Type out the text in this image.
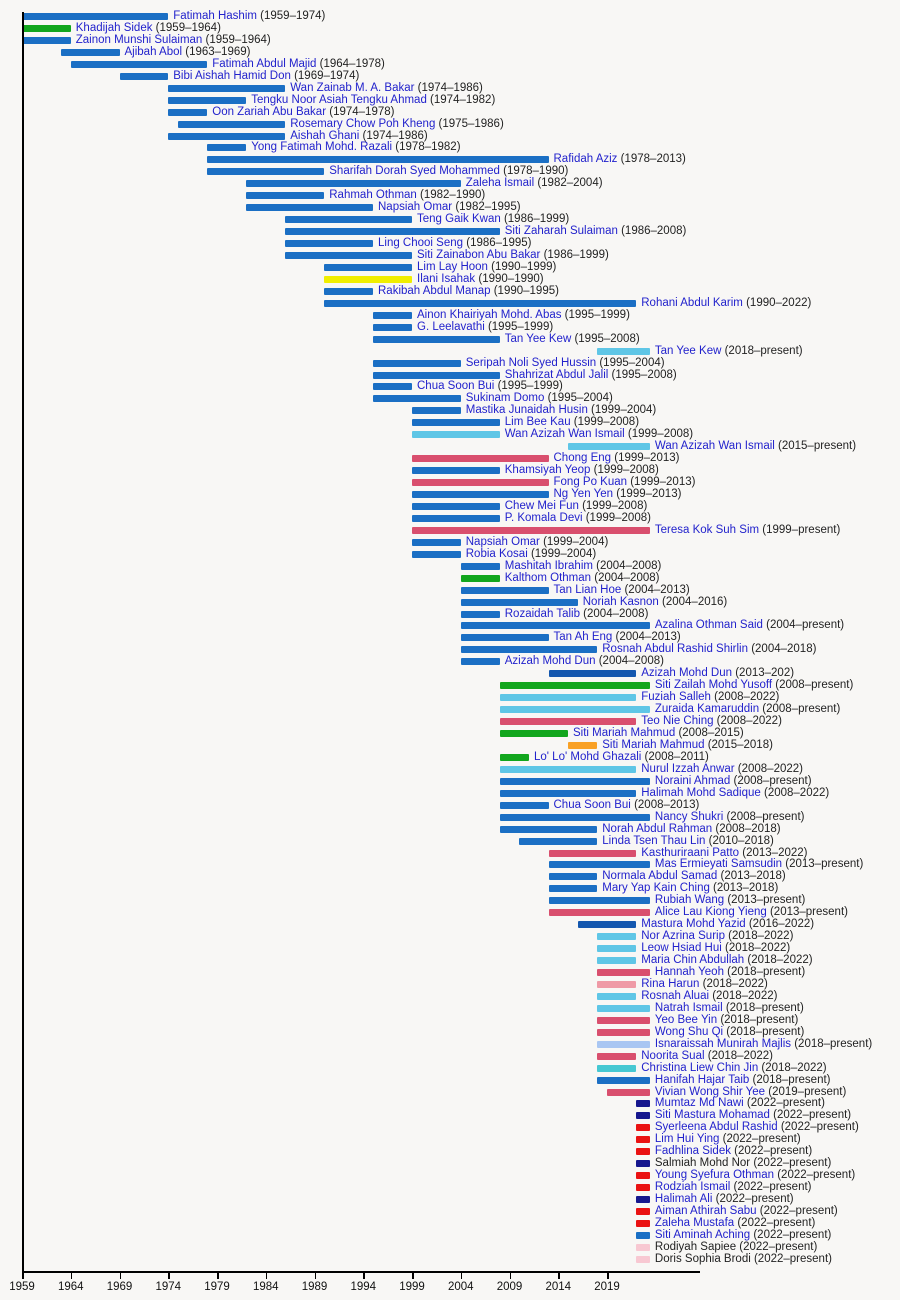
Fatimah Hashim (1959–1974)
Khadijah Sidek (1959–1964)
Zainon Munshi Sulaiman (1959–1964)
Ajibah Abol (1963–1969)
Fatimah Abdul Majid (1964–1978)
Bibi Aishah Hamid Don (1969–1974)
Wan Zainab M. A. Bakar (1974–1986)
Tengku Noor Asiah Tengku Ahmad (1974–1982)
Oon Zariah Abu Bakar (1974–1978)
Rosemary Chow Poh Kheng (1975–1986)
Aishah Ghani (1974–1986)
Yong Fatimah Mohd. Razali (1978–1982)
Rafidah Aziz (1978–2013)
Sharifah Dorah Syed Mohammed (1978–1990)
Zaleha Ismail (1982–2004)
Rahmah Othman (1982–1990)
Napsiah Omar (1982–1995)
Teng Gaik Kwan (1986–1999)
Siti Zaharah Sulaiman (1986–2008)
Ling Chooi Seng (1986–1995)
Siti Zainabon Abu Bakar (1986–1999)
Lim Lay Hoon (1990–1999)
Ilani Isahak (1990–1990)
Rakibah Abdul Manap (1990–1995)
Rohani Abdul Karim (1990–2022)
Ainon Khairiyah Mohd. Abas (1995–1999)
G. Leelavathi (1995–1999)
Tan Yee Kew (1995–2008)
Tan Yee Kew (2018–present)
Seripah Noli Syed Hussin (1995–2004)
Shahrizat Abdul Jalil (1995–2008)
Chua Soon Bui (1995–1999)
Sukinam Domo (1995–2004)
Mastika Junaidah Husin (1999–2004)
Lim Bee Kau (1999–2008)
Wan Azizah Wan Ismail (1999–2008)
Wan Azizah Wan Ismail (2015–present)
Chong Eng (1999–2013)
Khamsiyah Yeop (1999–2008)
Fong Po Kuan (1999–2013)
Ng Yen Yen (1999–2013)
Chew Mei Fun (1999–2008)
P. Komala Devi (1999–2008)
Teresa Kok Suh Sim (1999–present)
Napsiah Omar (1999–2004)
Robia Kosai (1999–2004)
Mashitah Ibrahim (2004–2008)
Kalthom Othman (2004–2008)
Tan Lian Hoe (2004–2013)
Noriah Kasnon (2004–2016)
Rozaidah Talib (2004–2008)
Azalina Othman Said (2004–present)
Tan Ah Eng (2004–2013)
Rosnah Abdul Rashid Shirlin (2004–2018)
Azizah Mohd Dun (2004–2008)
Azizah Mohd Dun (2013–202)
Siti Zailah Mohd Yusoff (2008–present)
Fuziah Salleh (2008–2022)
Zuraida Kamaruddin (2008–present)
Teo Nie Ching (2008–2022)
Siti Mariah Mahmud (2008–2015)
Siti Mariah Mahmud (2015–2018)
Lo' Lo' Mohd Ghazali (2008–2011)
Nurul Izzah Anwar (2008–2022)
Noraini Ahmad (2008–present)
Halimah Mohd Sadique (2008–2022)
Chua Soon Bui (2008–2013)
Nancy Shukri (2008–present)
Norah Abdul Rahman (2008–2018)
Linda Tsen Thau Lin (2010–2018)
Kasthuriraani Patto (2013–2022)
Mas Ermieyati Samsudin (2013–present)
Normala Abdul Samad (2013–2018)
Mary Yap Kain Ching (2013–2018)
Rubiah Wang (2013–present)
Alice Lau Kiong Yieng (2013–present)
Mastura Mohd Yazid (2016–2022)
Nor Azrina Surip (2018–2022)
Leow Hsiad Hui (2018–2022)
Maria Chin Abdullah (2018–2022)
Hannah Yeoh (2018–present)
Rina Harun (2018–2022)
Rosnah Aluai (2018–2022)
Natrah Ismail (2018–present)
Yeo Bee Yin (2018–present)
Wong Shu Qi (2018–present)
Isnaraissah Munirah Majlis (2018–present)
Noorita Sual (2018–2022)
Christina Liew Chin Jin (2018–2022)
Hanifah Hajar Taib (2018–present)
Vivian Wong Shir Yee (2019–present)
Mumtaz Md Nawi (2022–present)
Siti Mastura Mohamad (2022–present)
Syerleena Abdul Rashid (2022–present)
Lim Hui Ying (2022–present)
Fadhlina Sidek (2022–present)
Salmiah Mohd Nor (2022–present)
Young Syefura Othman (2022–present)
Rodziah Ismail (2022–present)
Halimah Ali (2022–present)
Aiman Athirah Sabu (2022–present)
Zaleha Mustafa (2022–present)
Siti Aminah Aching (2022–present)
Rodiyah Sapiee (2022–present)
Doris Sophia Brodi (2022–present)
1959	1964	1969	1974	1979	1984	1989	1994	1999	2004	2009	2014	2019
